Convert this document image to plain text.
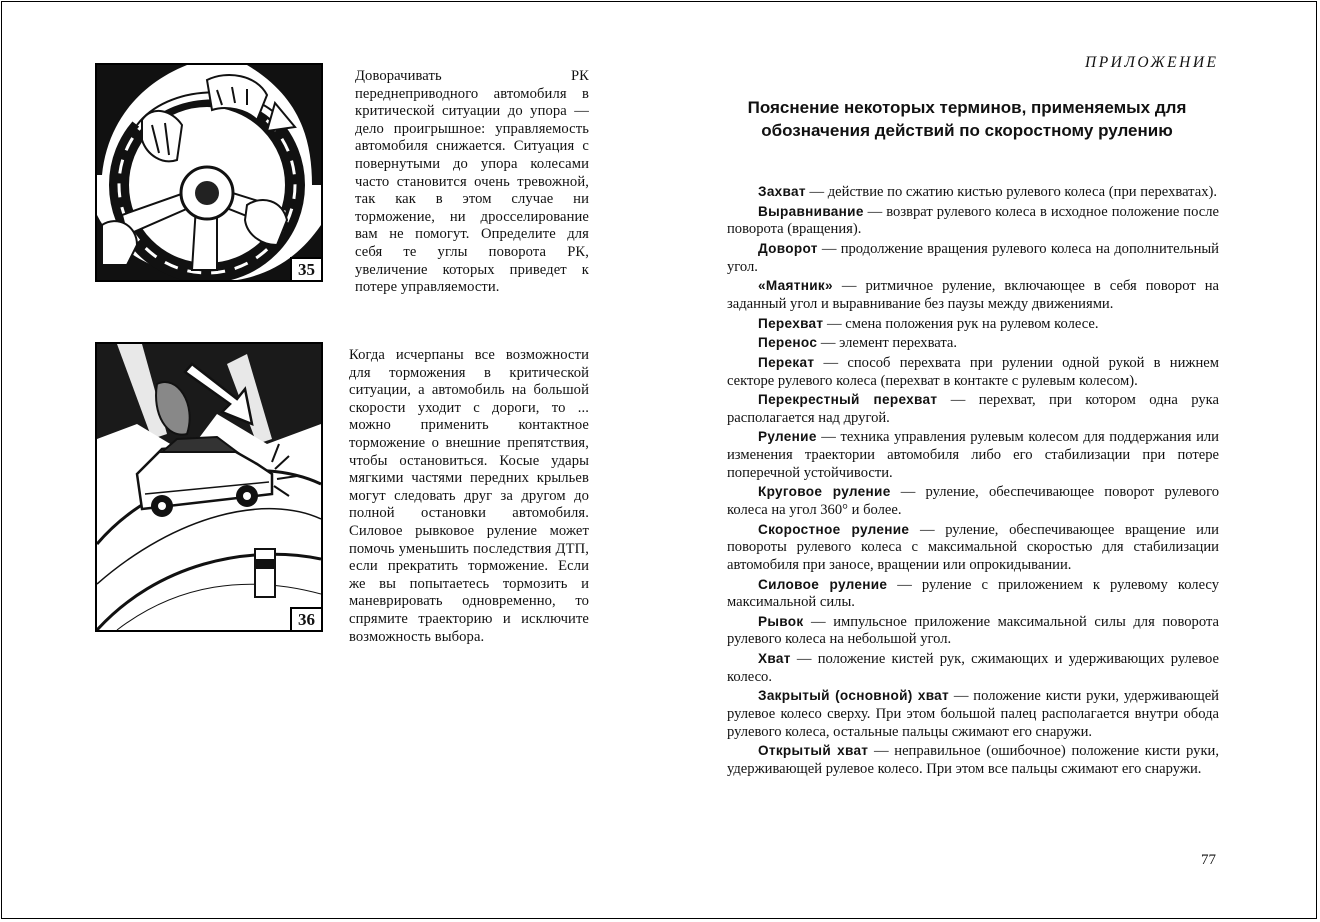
35

Доворачивать РК переднеприводного автомобиля в критической ситуации до упора — дело проигрышное: управляемость автомобиля снижается. Ситуация с повернутыми до упора колесами часто становится очень тревожной, так как в этом случае ни торможение, ни дросселирование вам не помогут. Определите для себя те углы поворота РК, увеличение которых приведет к потере управляемости.

36

Когда исчерпаны все возможности для торможения в критической ситуации, а автомобиль на большой скорости уходит с дороги, то ... можно применить контактное торможение о внешние препятствия, чтобы остановиться. Косые удары мягкими частями передних крыльев могут следовать друг за другом до полной остановки автомобиля. Силовое рывковое руление может помочь уменьшить последствия ДТП, если прекратить торможение. Если же вы попытаетесь тормозить и маневрировать одновременно, то спрямите траекторию и исключите возможность выбора.

ПРИЛОЖЕНИЕ
Пояснение некоторых терминов, применяемых для обозначения действий по скоростному рулению

Захват — действие по сжатию кистью рулевого колеса (при перехватах).

Выравнивание — возврат рулевого колеса в исходное положение после поворота (вращения).

Доворот — продолжение вращения рулевого колеса на дополнительный угол.

«Маятник» — ритмичное руление, включающее в себя поворот на заданный угол и выравнивание без паузы между движениями.

Перехват — смена положения рук на рулевом колесе.

Перенос — элемент перехвата.

Перекат — способ перехвата при рулении одной рукой в нижнем секторе рулевого колеса (перехват в контакте с рулевым колесом).

Перекрестный перехват — перехват, при котором одна рука располагается над другой.

Руление — техника управления рулевым колесом для поддержания или изменения траектории автомобиля либо его стабилизации при потере поперечной устойчивости.

Круговое руление — руление, обеспечивающее поворот рулевого колеса на угол 360° и более.

Скоростное руление — руление, обеспечивающее вращение или повороты рулевого колеса с максимальной скоростью для стабилизации автомобиля при заносе, вращении или опрокидывании.

Силовое руление — руление с приложением к рулевому колесу максимальной силы.

Рывок — импульсное приложение максимальной силы для поворота рулевого колеса на небольшой угол.

Хват — положение кистей рук, сжимающих и удерживающих рулевое колесо.

Закрытый (основной) хват — положение кисти руки, удерживающей рулевое колесо сверху. При этом большой палец располагается внутри обода рулевого колеса, остальные пальцы сжимают его снаружи.

Открытый хват — неправильное (ошибочное) положение кисти руки, удерживающей рулевое колесо. При этом все пальцы сжимают его снаружи.

77
